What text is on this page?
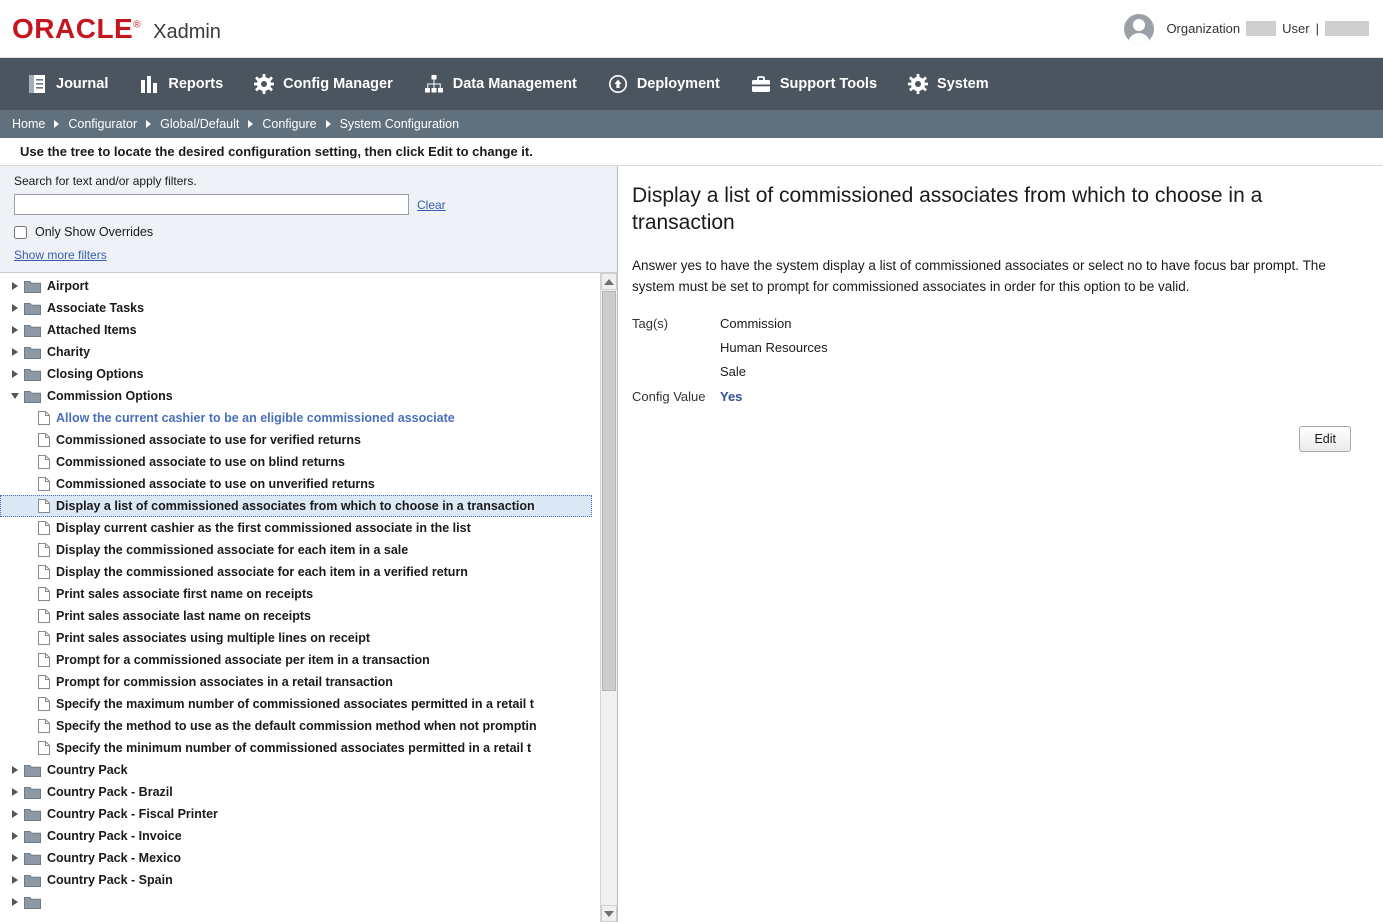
ORACLE® Xadmin	Organization	User |
Journal	Reports	Config Manager	Data Management	Deployment	Support Tools	System
Home Configurator Global/Default Configure System Configuration
Use the tree to locate the desired configuration setting, then click Edit to change it.
Search for text and/or apply filters.
Clear
Only Show Overrides
Show more filters
Airport
Associate Tasks
Attached Items
Charity
Closing Options
Commission Options
Allow the current cashier to be an eligible commissioned associate
Commissioned associate to use for verified returns
Commissioned associate to use on blind returns
Commissioned associate to use on unverified returns
Display a list of commissioned associates from which to choose in a transaction
Display current cashier as the first commissioned associate in the list
Display the commissioned associate for each item in a sale
Display the commissioned associate for each item in a verified return
Print sales associate first name on receipts
Print sales associate last name on receipts
Print sales associates using multiple lines on receipt
Prompt for a commissioned associate per item in a transaction
Prompt for commission associates in a retail transaction
Specify the maximum number of commissioned associates permitted in a retail t
Specify the method to use as the default commission method when not promptin
Specify the minimum number of commissioned associates permitted in a retail t
Country Pack
Country Pack - Brazil
Country Pack - Fiscal Printer
Country Pack - Invoice
Country Pack - Mexico
Country Pack - Spain
Display a list of commissioned associates from which to choose in a transaction
Answer yes to have the system display a list of commissioned associates or select no to have focus bar prompt. The system must be set to prompt for commissioned associates in order for this option to be valid.
Tag(s)	Commission
Human Resources
Sale
Config Value	Yes
Edit
